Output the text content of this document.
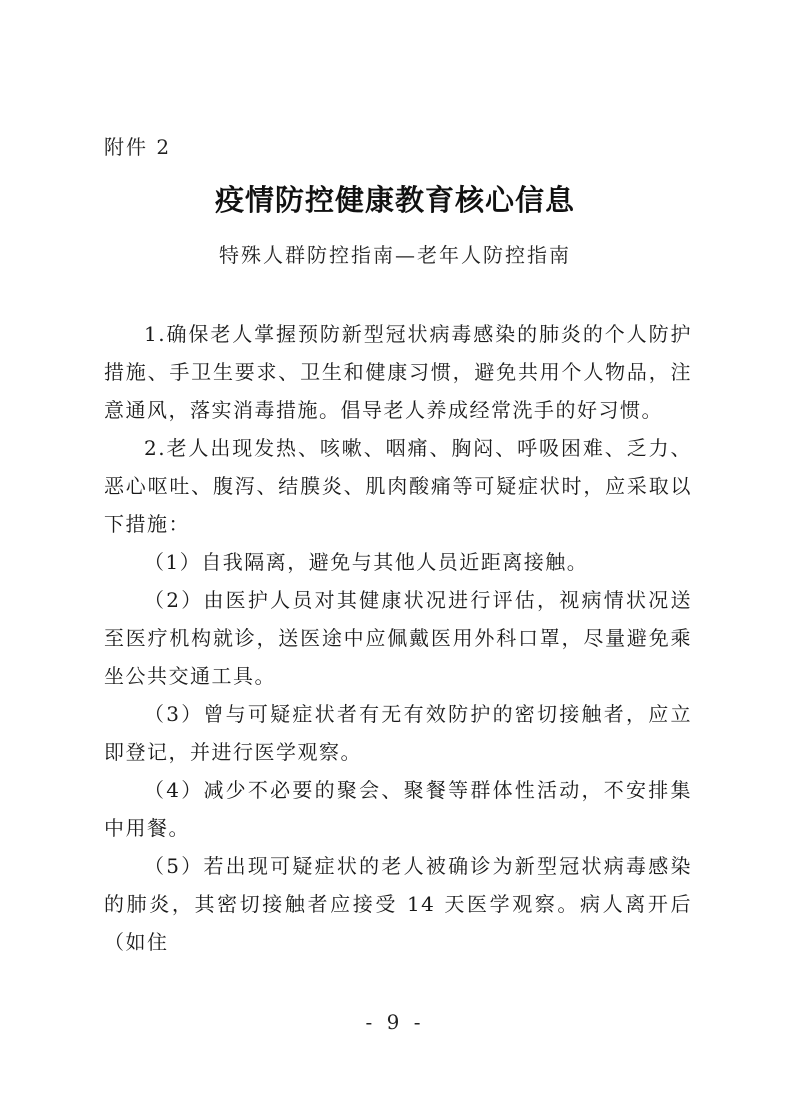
附件 2
疫情防控健康教育核心信息
特殊人群防控指南—老年人防控指南

1.确保老人掌握预防新型冠状病毒感染的肺炎的个人防护措施、手卫生要求、卫生和健康习惯，避免共用个人物品，注意通风，落实消毒措施。倡导老人养成经常洗手的好习惯。

2.老人出现发热、咳嗽、咽痛、胸闷、呼吸困难、乏力、恶心呕吐、腹泻、结膜炎、肌肉酸痛等可疑症状时，应采取以下措施：

（1）自我隔离，避免与其他人员近距离接触。

（2）由医护人员对其健康状况进行评估，视病情状况送至医疗机构就诊，送医途中应佩戴医用外科口罩，尽量避免乘坐公共交通工具。

（3）曾与可疑症状者有无有效防护的密切接触者，应立即登记，并进行医学观察。

（4）减少不必要的聚会、聚餐等群体性活动，不安排集中用餐。

（5）若出现可疑症状的老人被确诊为新型冠状病毒感染的肺炎，其密切接触者应接受 14 天医学观察。病人离开后（如住

- 9 -
